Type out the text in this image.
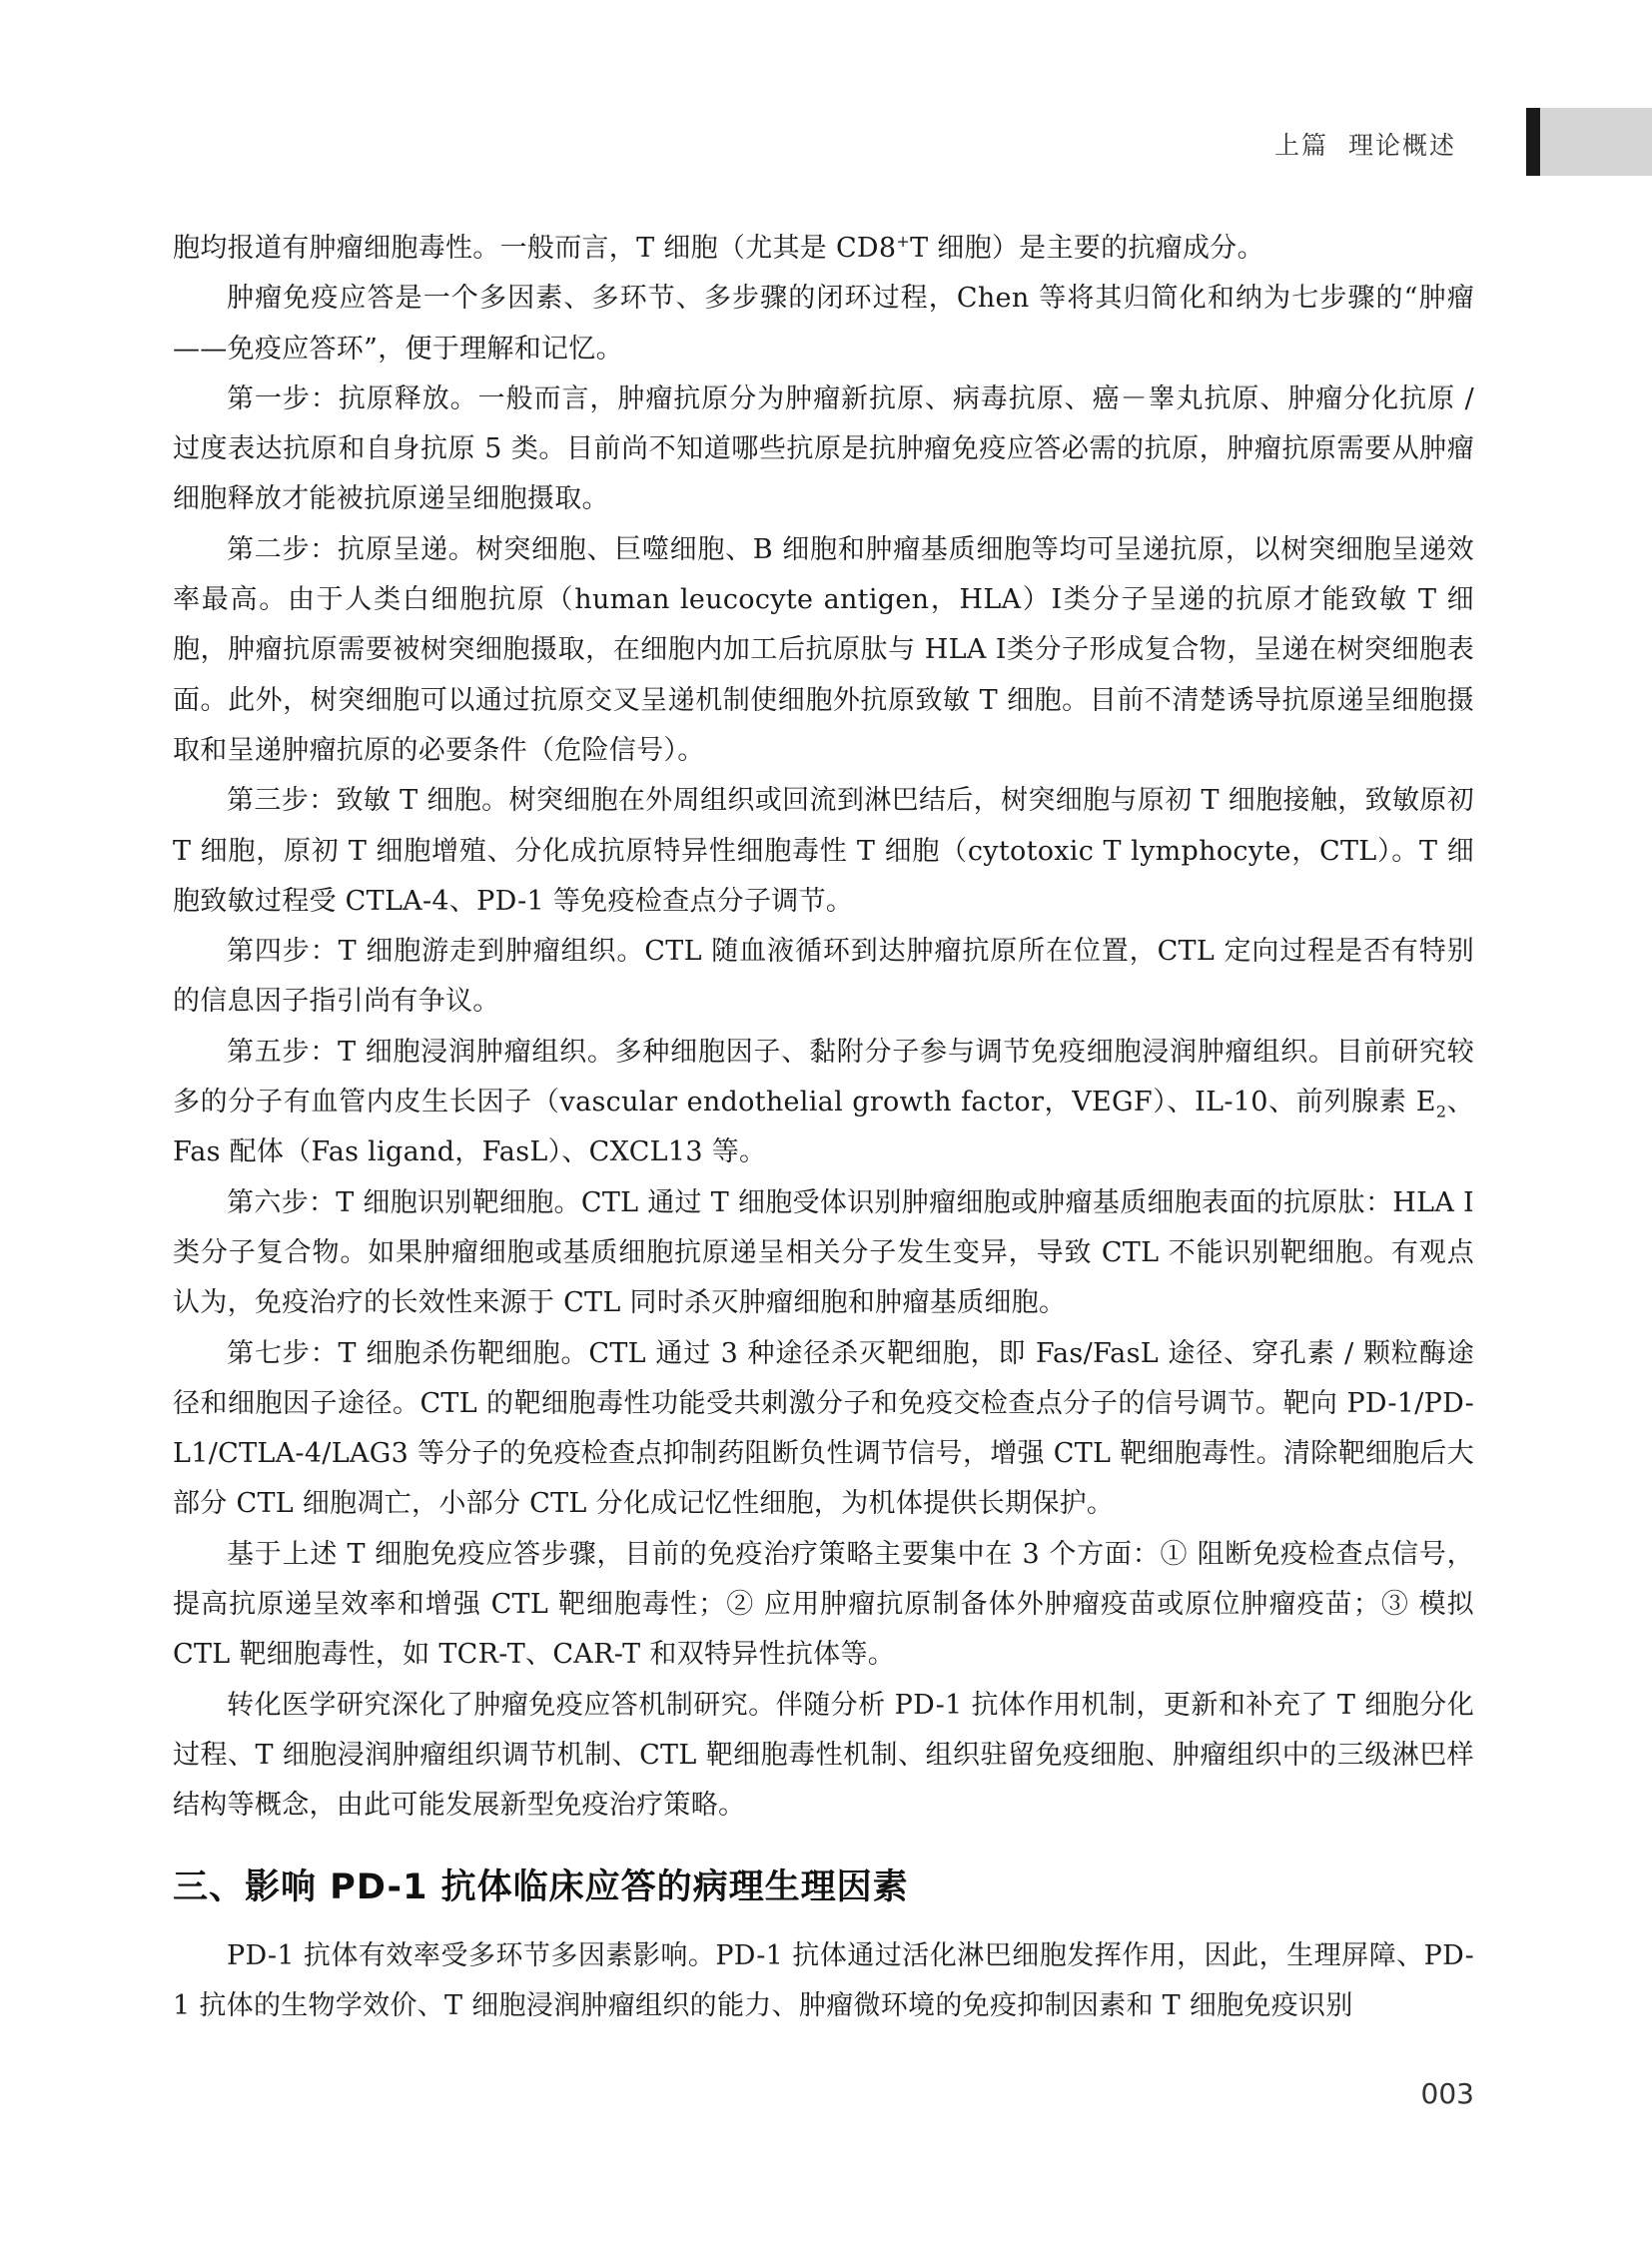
上篇 理论概述

胞均报道有肿瘤细胞毒性。一般而言，T 细胞（尤其是 CD8+T 细胞）是主要的抗瘤成分。

肿瘤免疫应答是一个多因素、多环节、多步骤的闭环过程，Chen 等将其归简化和纳为七步骤的“肿瘤——免疫应答环”，便于理解和记忆。

第一步：抗原释放。一般而言，肿瘤抗原分为肿瘤新抗原、病毒抗原、癌－睾丸抗原、肿瘤分化抗原 / 过度表达抗原和自身抗原 5 类。目前尚不知道哪些抗原是抗肿瘤免疫应答必需的抗原，肿瘤抗原需要从肿瘤细胞释放才能被抗原递呈细胞摄取。

第二步：抗原呈递。树突细胞、巨噬细胞、B 细胞和肿瘤基质细胞等均可呈递抗原，以树突细胞呈递效率最高。由于人类白细胞抗原（human leucocyte antigen，HLA）Ⅰ类分子呈递的抗原才能致敏 T 细胞，肿瘤抗原需要被树突细胞摄取，在细胞内加工后抗原肽与 HLA Ⅰ类分子形成复合物，呈递在树突细胞表面。此外，树突细胞可以通过抗原交叉呈递机制使细胞外抗原致敏 T 细胞。目前不清楚诱导抗原递呈细胞摄取和呈递肿瘤抗原的必要条件（危险信号）。

第三步：致敏 T 细胞。树突细胞在外周组织或回流到淋巴结后，树突细胞与原初 T 细胞接触，致敏原初 T 细胞，原初 T 细胞增殖、分化成抗原特异性细胞毒性 T 细胞（cytotoxic T lymphocyte，CTL）。T 细胞致敏过程受 CTLA-4、PD-1 等免疫检查点分子调节。

第四步：T 细胞游走到肿瘤组织。CTL 随血液循环到达肿瘤抗原所在位置，CTL 定向过程是否有特别的信息因子指引尚有争议。

第五步：T 细胞浸润肿瘤组织。多种细胞因子、黏附分子参与调节免疫细胞浸润肿瘤组织。目前研究较多的分子有血管内皮生长因子（vascular endothelial growth factor，VEGF）、IL-10、前列腺素 $E_2$、Fas 配体（Fas ligand，FasL）、CXCL13 等。

第六步：T 细胞识别靶细胞。CTL 通过 T 细胞受体识别肿瘤细胞或肿瘤基质细胞表面的抗原肽：HLA Ⅰ类分子复合物。如果肿瘤细胞或基质细胞抗原递呈相关分子发生变异，导致 CTL 不能识别靶细胞。有观点认为，免疫治疗的长效性来源于 CTL 同时杀灭肿瘤细胞和肿瘤基质细胞。

第七步：T 细胞杀伤靶细胞。CTL 通过 3 种途径杀灭靶细胞，即 Fas/FasL 途径、穿孔素 / 颗粒酶途径和细胞因子途径。CTL 的靶细胞毒性功能受共刺激分子和免疫交检查点分子的信号调节。靶向 PD-1/PD-L1/CTLA-4/LAG3 等分子的免疫检查点抑制药阻断负性调节信号，增强 CTL 靶细胞毒性。清除靶细胞后大部分 CTL 细胞凋亡，小部分 CTL 分化成记忆性细胞，为机体提供长期保护。

基于上述 T 细胞免疫应答步骤，目前的免疫治疗策略主要集中在 3 个方面：① 阻断免疫检查点信号，提高抗原递呈效率和增强 CTL 靶细胞毒性；② 应用肿瘤抗原制备体外肿瘤疫苗或原位肿瘤疫苗；③ 模拟 CTL 靶细胞毒性，如 TCR-T、CAR-T 和双特异性抗体等。

转化医学研究深化了肿瘤免疫应答机制研究。伴随分析 PD-1 抗体作用机制，更新和补充了 T 细胞分化过程、T 细胞浸润肿瘤组织调节机制、CTL 靶细胞毒性机制、组织驻留免疫细胞、肿瘤组织中的三级淋巴样结构等概念，由此可能发展新型免疫治疗策略。

三、影响 PD-1 抗体临床应答的病理生理因素

PD-1 抗体有效率受多环节多因素影响。PD-1 抗体通过活化淋巴细胞发挥作用，因此，生理屏障、PD-1 抗体的生物学效价、T 细胞浸润肿瘤组织的能力、肿瘤微环境的免疫抑制因素和 T 细胞免疫识别

003
